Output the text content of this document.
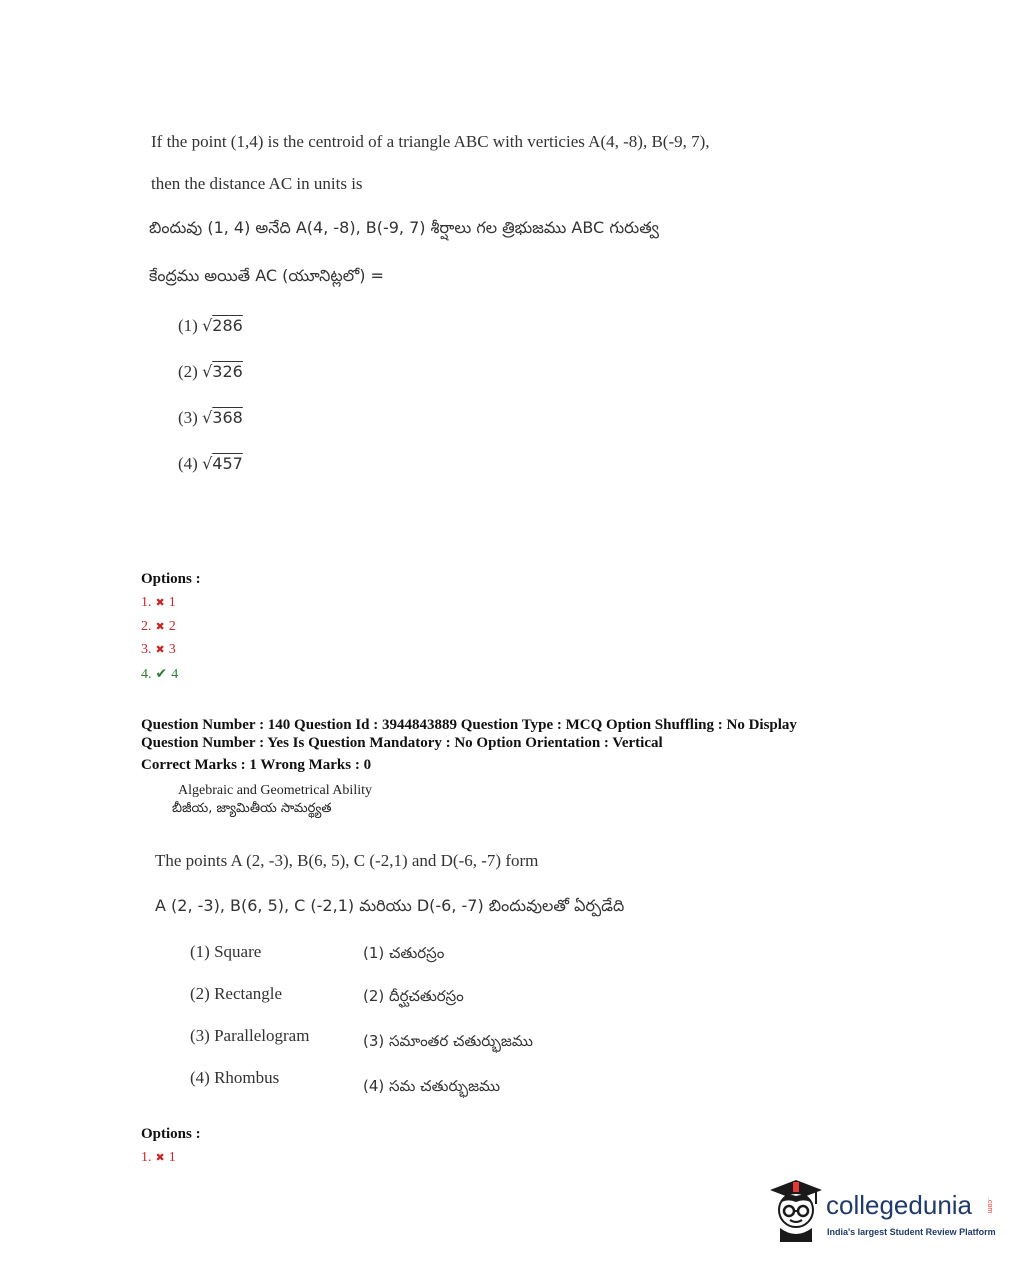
If the point (1,4) is the centroid of a triangle ABC with verticies A(4, -8), B(-9, 7),
then the distance AC in units is
బిందువు (1, 4) అనేది A(4, -8), B(-9, 7) శీర్షాలు గల త్రిభుజము ABC గురుత్వ
కేంద్రము అయితే AC (యూనిట్లలో) =
(1) √286
(2) √326
(3) √368
(4) √457
Options :
1. ✖ 1
2. ✖ 2
3. ✖ 3
4. ✔ 4
Question Number : 140 Question Id : 3944843889 Question Type : MCQ Option Shuffling : No Display
Question Number : Yes Is Question Mandatory : No Option Orientation : Vertical
Correct Marks : 1 Wrong Marks : 0
Algebraic and Geometrical Ability
బీజీయ, జ్యామితీయ సామర్థ్యత
The points A (2, -3), B(6, 5), C (-2,1) and D(-6, -7) form
A (2, -3), B(6, 5), C (-2,1) మరియు D(-6, -7) బిందువులతో ఏర్పడేది
(1) Square	(1) చతురస్రం
(2) Rectangle	(2) దీర్ఘచతురస్రం
(3) Parallelogram	(3) సమాంతర చతుర్భుజము
(4) Rhombus	(4) సమ చతుర్భుజము
Options :
1. ✖ 1
collegedunia .com
India's largest Student Review Platform
